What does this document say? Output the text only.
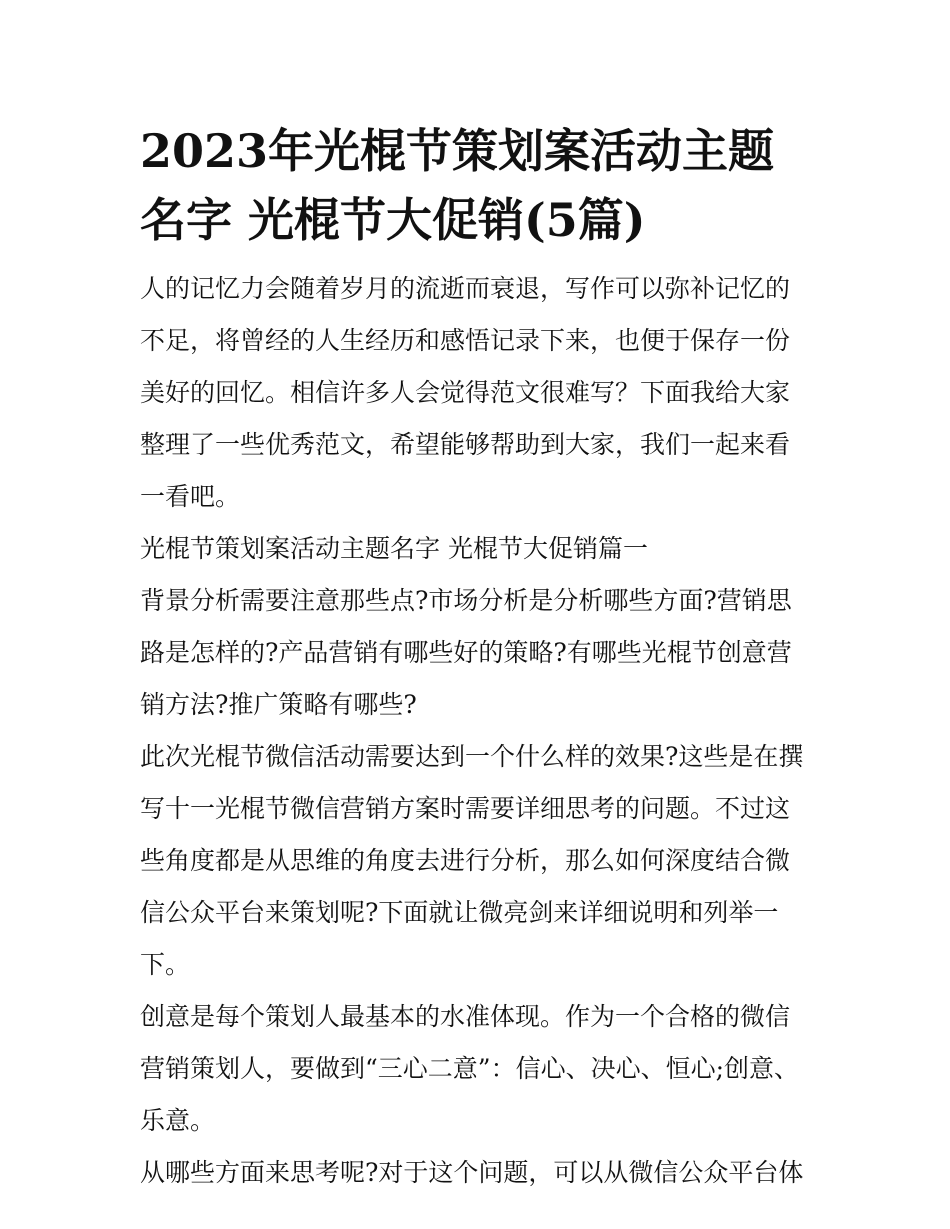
2023年光棍节策划案活动主题名字 光棍节大促销(5篇)

人的记忆力会随着岁月的流逝而衰退，写作可以弥补记忆的不足，将曾经的人生经历和感悟记录下来，也便于保存一份美好的回忆。相信许多人会觉得范文很难写？下面我给大家整理了一些优秀范文，希望能够帮助到大家，我们一起来看一看吧。

光棍节策划案活动主题名字 光棍节大促销篇一

背景分析需要注意那些点?市场分析是分析哪些方面?营销思路是怎样的?产品营销有哪些好的策略?有哪些光棍节创意营销方法?推广策略有哪些?

此次光棍节微信活动需要达到一个什么样的效果?这些是在撰写十一光棍节微信营销方案时需要详细思考的问题。不过这些角度都是从思维的角度去进行分析，那么如何深度结合微信公众平台来策划呢?下面就让微亮剑来详细说明和列举一下。

创意是每个策划人最基本的水准体现。作为一个合格的微信营销策划人，要做到“三心二意”：信心、决心、恒心;创意、乐意。

从哪些方面来思考呢?对于这个问题，可以从微信公众平台体
